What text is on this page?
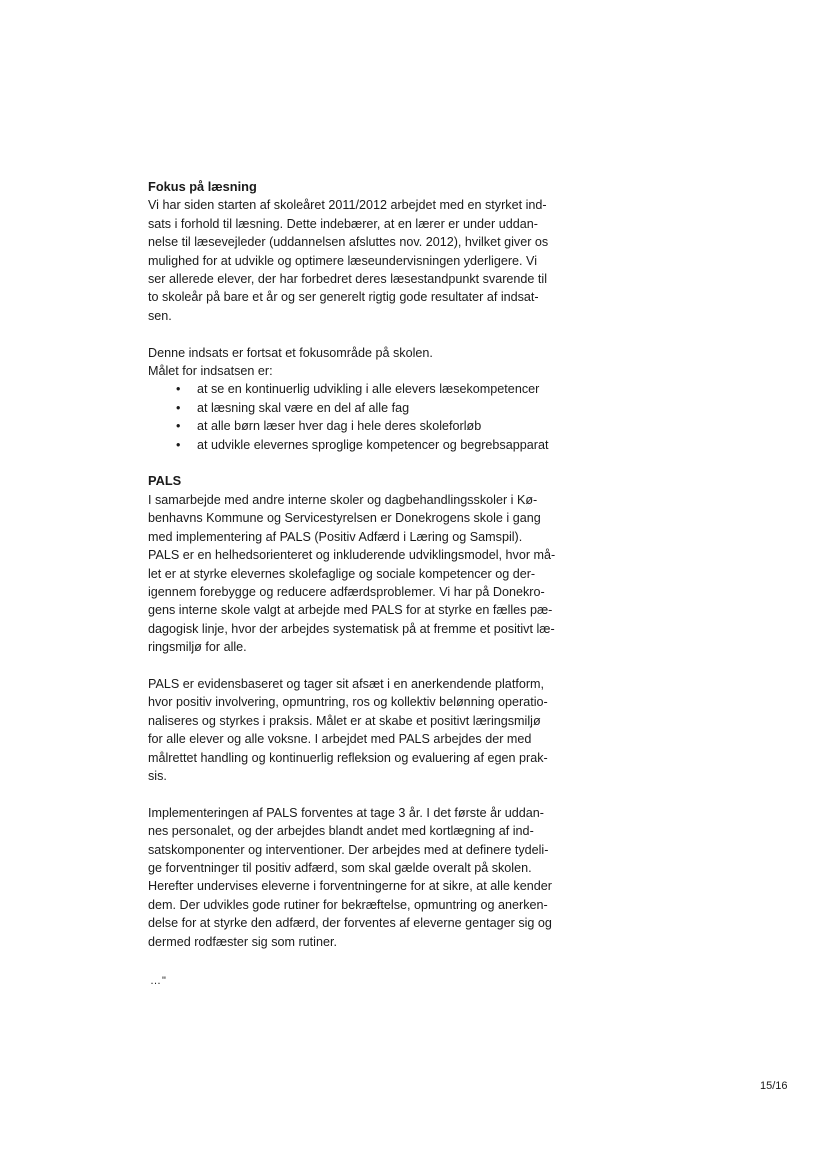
Fokus på læsning

Vi har siden starten af skoleåret 2011/2012 arbejdet med en styrket ind-
sats i forhold til læsning. Dette indebærer, at en lærer er under uddan-
nelse til læsevejleder (uddannelsen afsluttes nov. 2012), hvilket giver os
mulighed for at udvikle og optimere læseundervisningen yderligere. Vi
ser allerede elever, der har forbedret deres læsestandpunkt svarende til
to skoleår på bare et år og ser generelt rigtig gode resultater af indsat-
sen.

Denne indsats er fortsat et fokusområde på skolen.

Målet for indsatsen er:

• at se en kontinuerlig udvikling i alle elevers læsekompetencer
• at læsning skal være en del af alle fag
• at alle børn læser hver dag i hele deres skoleforløb
• at udvikle elevernes sproglige kompetencer og begrebsapparat

PALS

I samarbejde med andre interne skoler og dagbehandlingsskoler i Kø-
benhavns Kommune og Servicestyrelsen er Donekrogens skole i gang
med implementering af PALS (Positiv Adfærd i Læring og Samspil).
PALS er en helhedsorienteret og inkluderende udviklingsmodel, hvor må-
let er at styrke elevernes skolefaglige og sociale kompetencer og der-
igennem forebygge og reducere adfærdsproblemer. Vi har på Donekro-
gens interne skole valgt at arbejde med PALS for at styrke en fælles pæ-
dagogisk linje, hvor der arbejdes systematisk på at fremme et positivt læ-
ringsmiljø for alle.

PALS er evidensbaseret og tager sit afsæt i en anerkendende platform,
hvor positiv involvering, opmuntring, ros og kollektiv belønning operatio-
naliseres og styrkes i praksis. Målet er at skabe et positivt læringsmiljø
for alle elever og alle voksne. I arbejdet med PALS arbejdes der med
målrettet handling og kontinuerlig refleksion og evaluering af egen prak-
sis.

Implementeringen af PALS forventes at tage 3 år. I det første år uddan-
nes personalet, og der arbejdes blandt andet med kortlægning af ind-
satskomponenter og interventioner. Der arbejdes med at definere tydeli-
ge forventninger til positiv adfærd, som skal gælde overalt på skolen.
Herefter undervises eleverne i forventningerne for at sikre, at alle kender
dem. Der udvikles gode rutiner for bekræftelse, opmuntring og anerken-
delse for at styrke den adfærd, der forventes af eleverne gentager sig og
dermed rodfæster sig som rutiner.

…"
15/16
